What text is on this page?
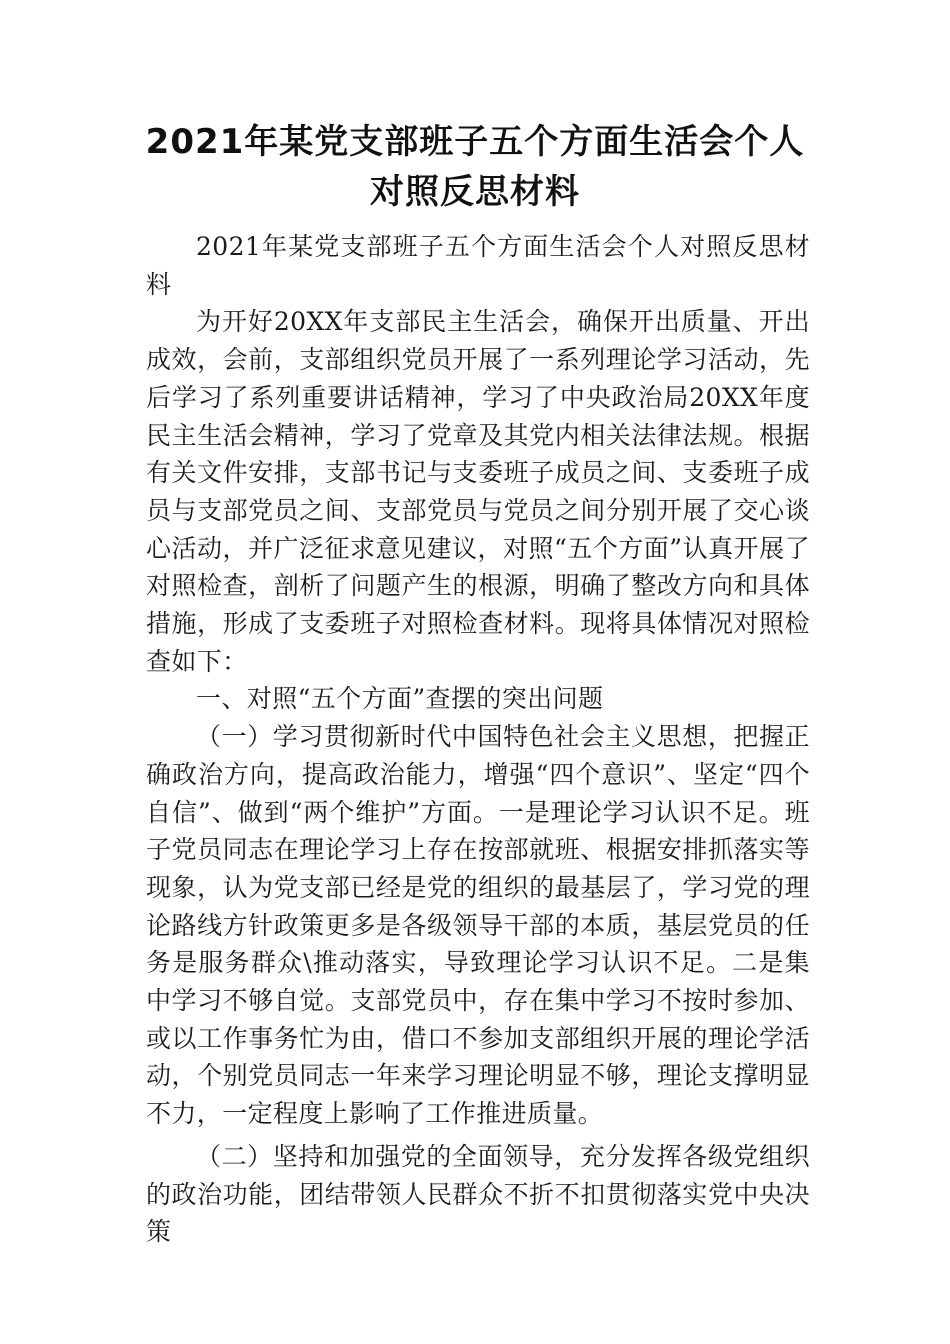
2021年某党支部班子五个方面生活会个人对照反思材料

2021年某党支部班子五个方面生活会个人对照反思材料

为开好20XX年支部民主生活会，确保开出质量、开出成效，会前，支部组织党员开展了一系列理论学习活动，先后学习了系列重要讲话精神，学习了中央政治局20XX年度民主生活会精神，学习了党章及其党内相关法律法规。根据有关文件安排，支部书记与支委班子成员之间、支委班子成员与支部党员之间、支部党员与党员之间分别开展了交心谈心活动，并广泛征求意见建议，对照“五个方面”认真开展了对照检查，剖析了问题产生的根源，明确了整改方向和具体措施，形成了支委班子对照检查材料。现将具体情况对照检查如下：

一、对照“五个方面”查摆的突出问题

（一）学习贯彻新时代中国特色社会主义思想，把握正确政治方向，提高政治能力，增强“四个意识”、坚定“四个自信”、做到“两个维护”方面。一是理论学习认识不足。班子党员同志在理论学习上存在按部就班、根据安排抓落实等现象，认为党支部已经是党的组织的最基层了，学习党的理论路线方针政策更多是各级领导干部的本质，基层党员的任务是服务群众\推动落实，导致理论学习认识不足。二是集中学习不够自觉。支部党员中，存在集中学习不按时参加、或以工作事务忙为由，借口不参加支部组织开展的理论学活动，个别党员同志一年来学习理论明显不够，理论支撑明显不力，一定程度上影响了工作推进质量。

（二）坚持和加强党的全面领导，充分发挥各级党组织的政治功能，团结带领人民群众不折不扣贯彻落实党中央决策
